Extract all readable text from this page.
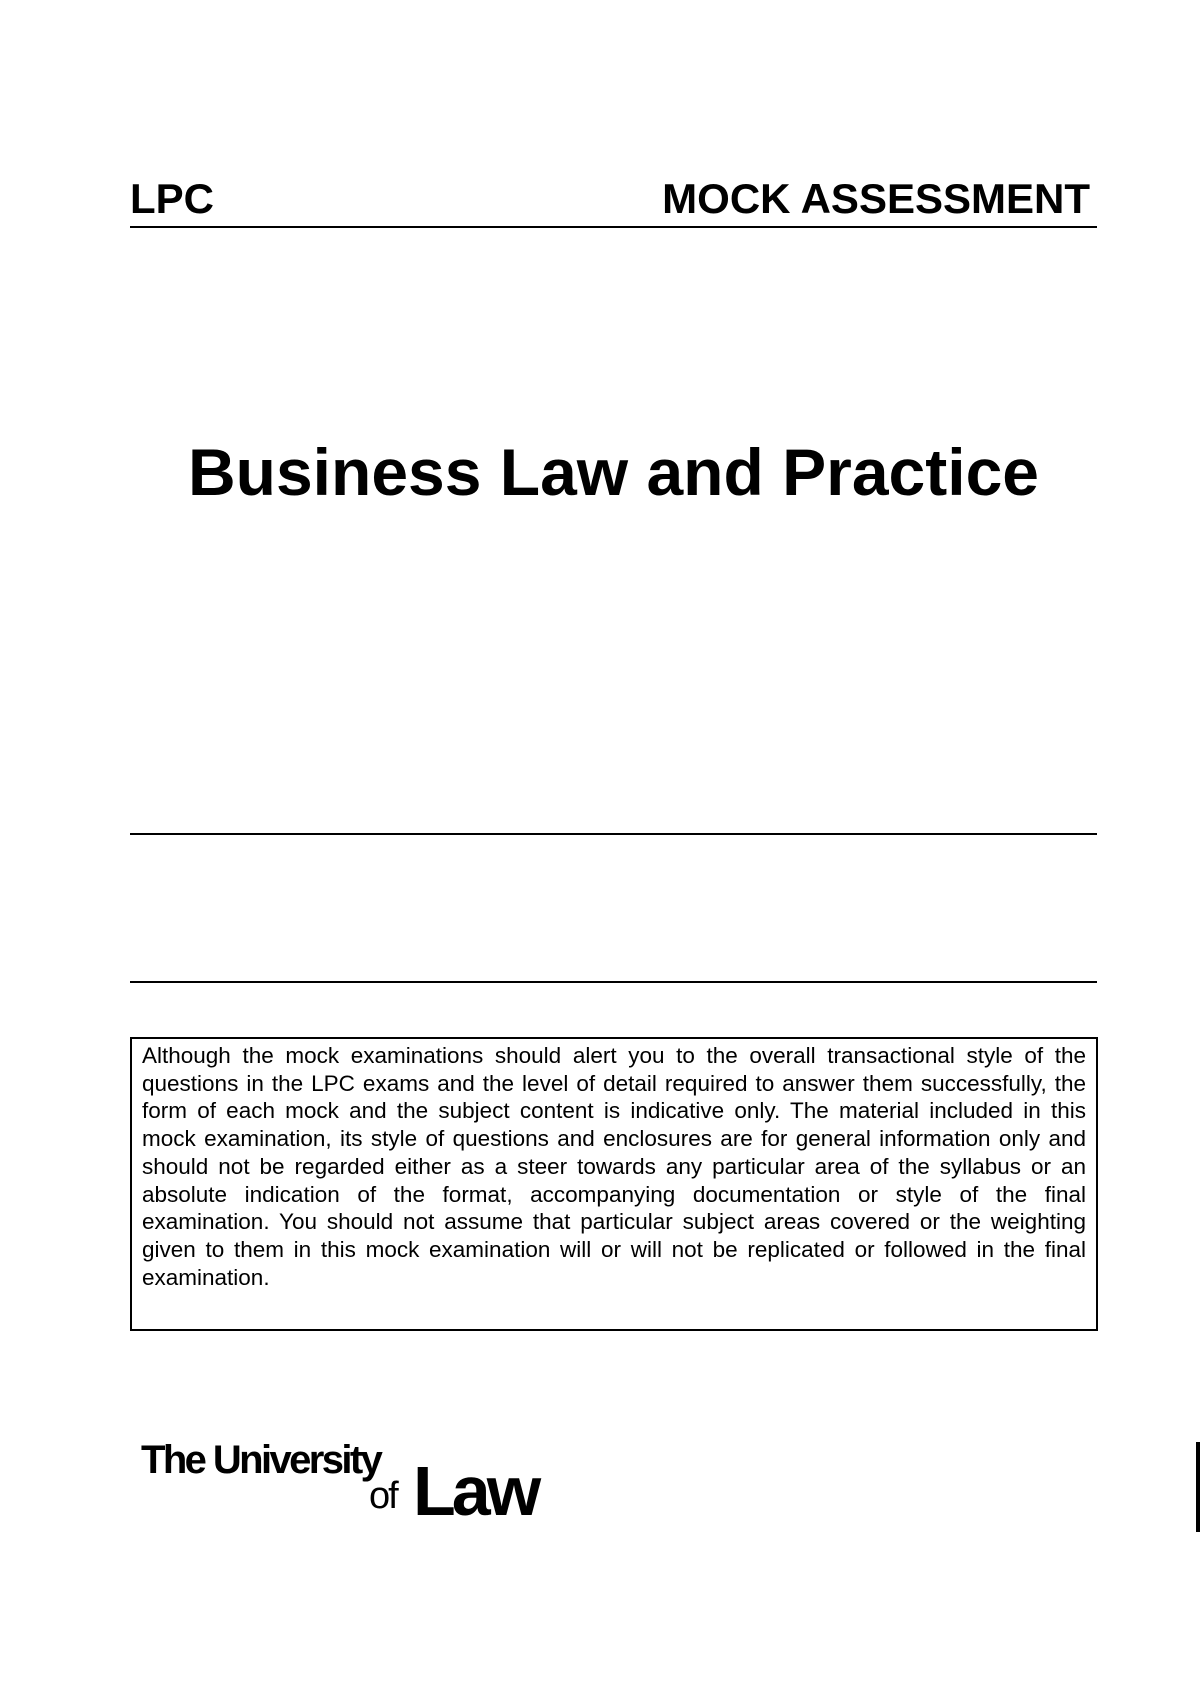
LPC	MOCK ASSESSMENT
Business Law and Practice

Although the mock examinations should alert you to the overall transactional style of the questions in the LPC exams and the level of detail required to answer them successfully, the form of each mock and the subject content is indicative only. The material included in this mock examination, its style of questions and enclosures are for general information only and should not be regarded either as a steer towards any particular area of the syllabus or an absolute indication of the format, accompanying documentation or style of the final examination. You should not assume that particular subject areas covered or the weighting given to them in this mock examination will or will not be replicated or followed in the final examination.

The University
of Law
